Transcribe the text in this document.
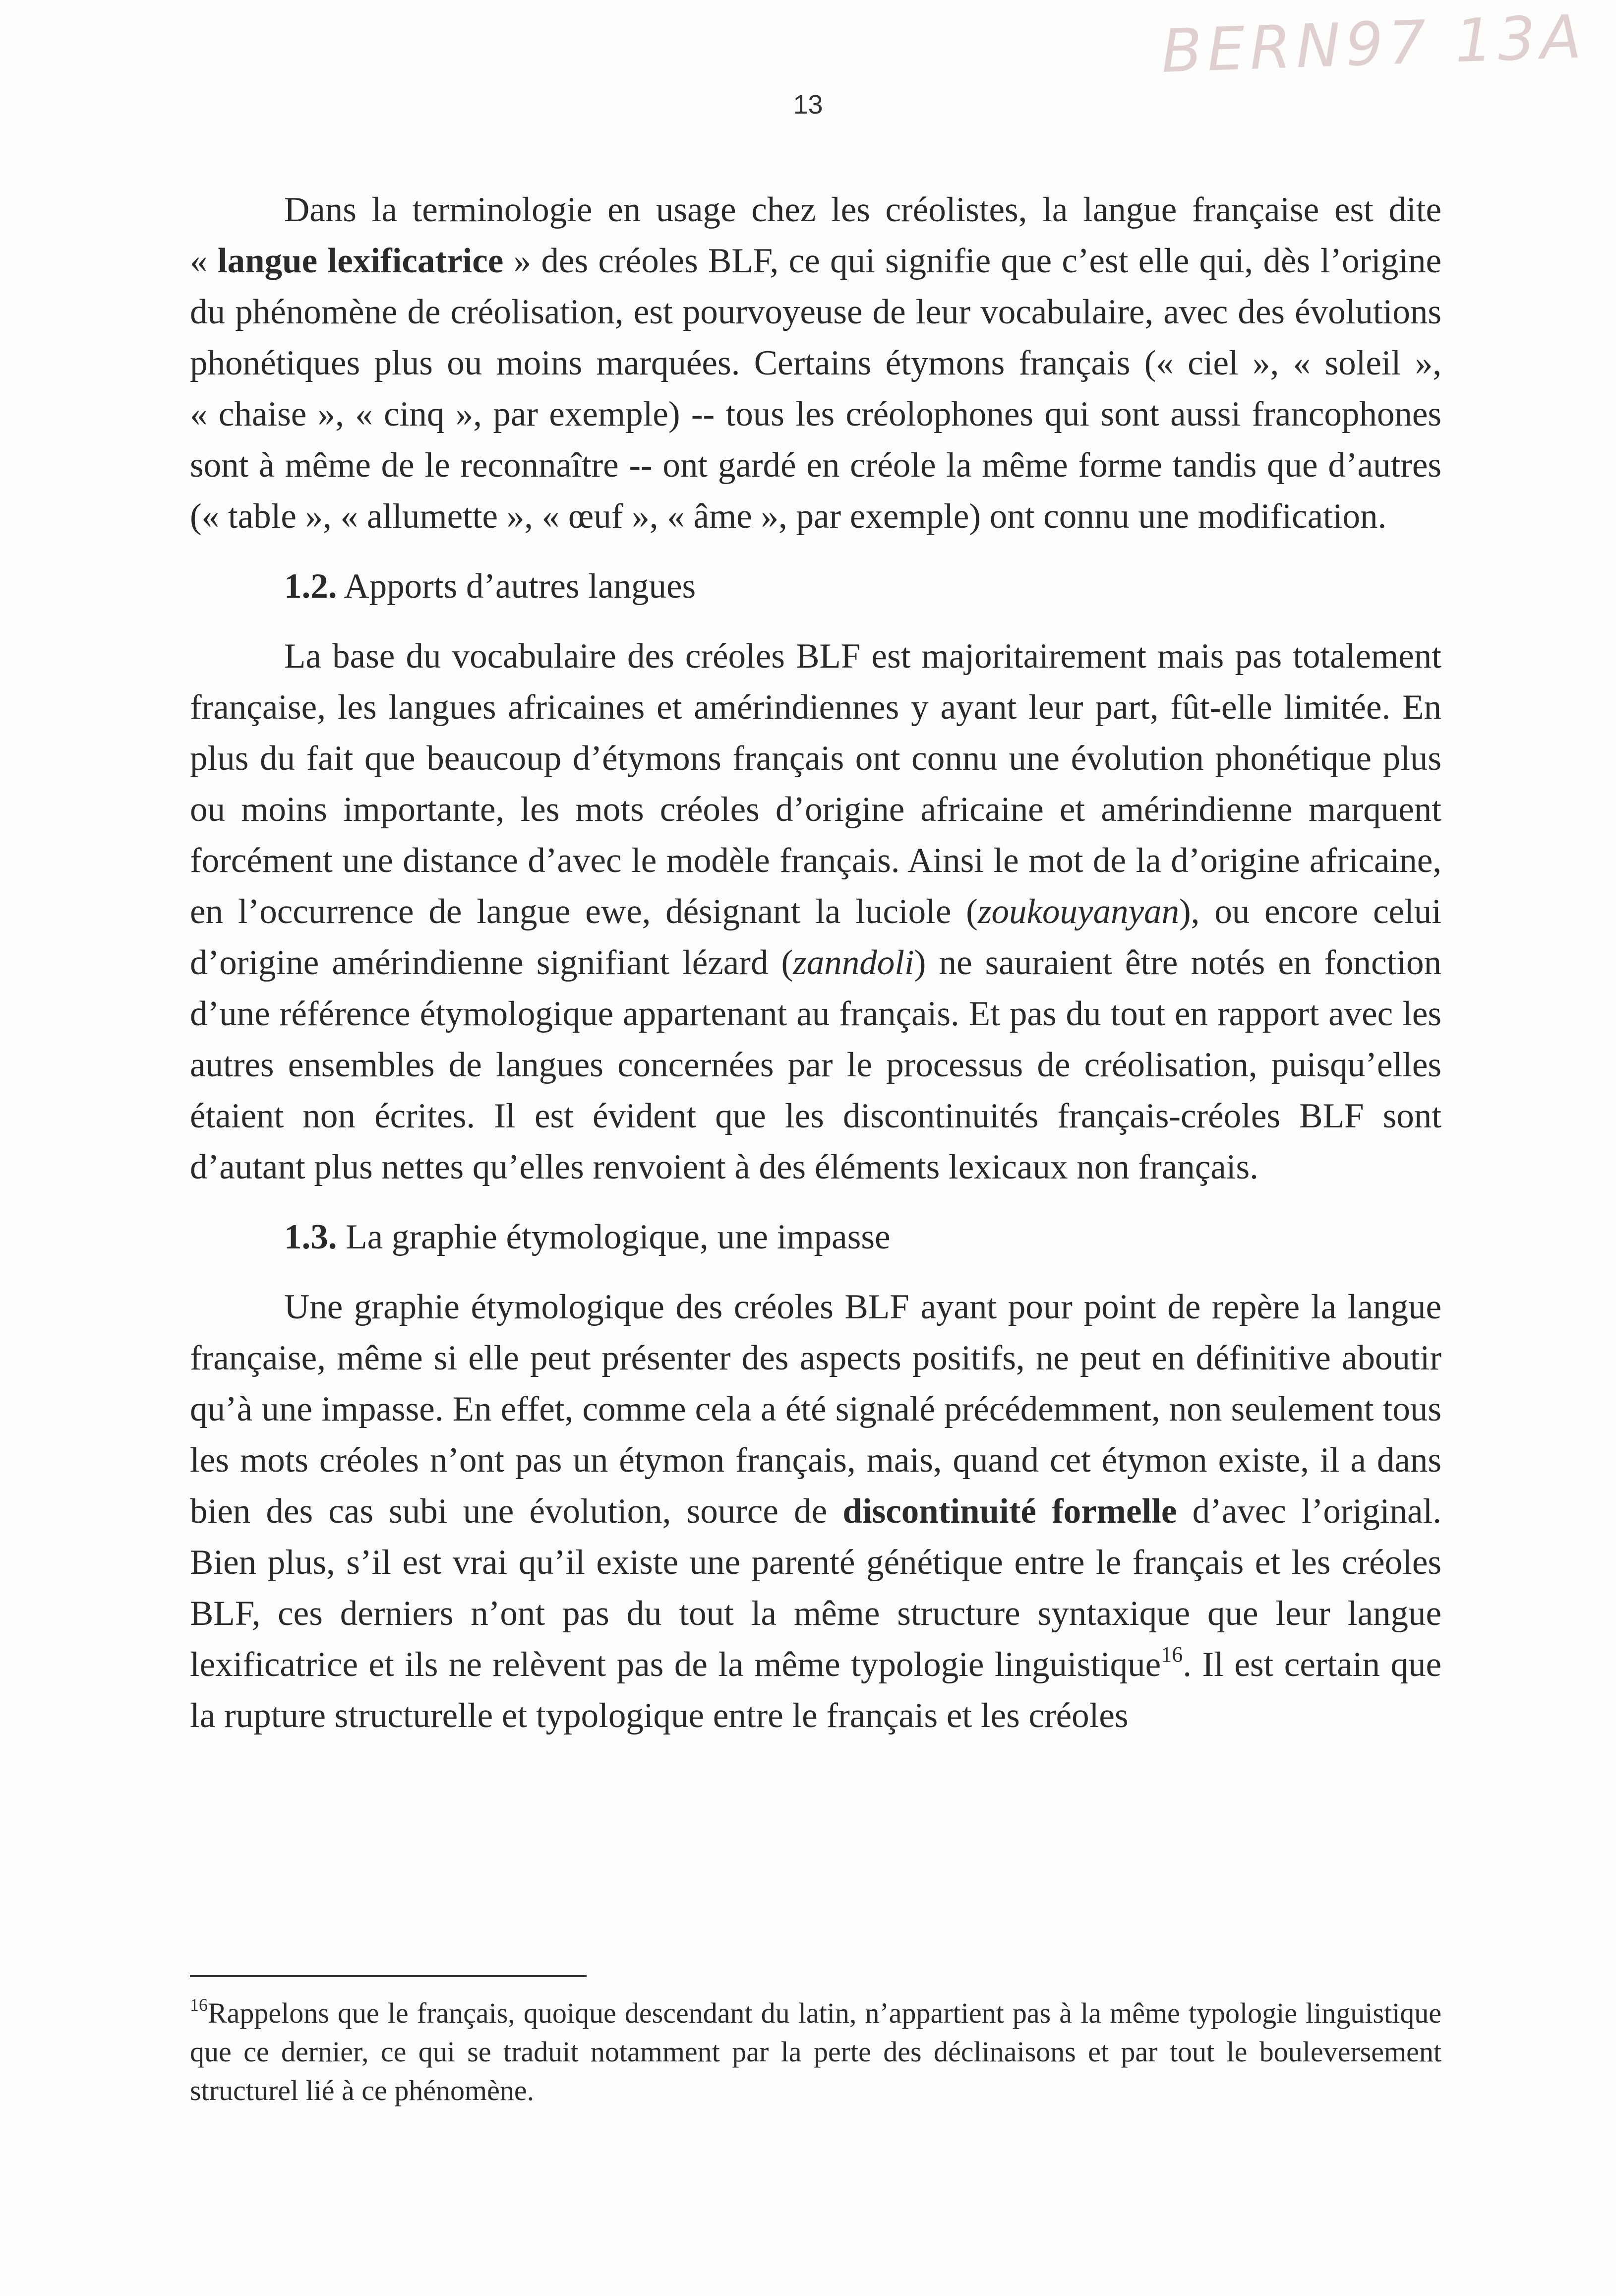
BERN97 13A
13

Dans la terminologie en usage chez les créolistes, la langue française est dite « langue lexificatrice » des créoles BLF, ce qui signifie que c’est elle qui, dès l’origine du phénomène de créolisation, est pourvoyeuse de leur vocabulaire, avec des évolutions phonétiques plus ou moins marquées. Certains étymons français (« ciel », « soleil », « chaise », « cinq », par exemple) -- tous les créolophones qui sont aussi francophones sont à même de le reconnaître -- ont gardé en créole la même forme tandis que d’autres (« table », « allumette », « œuf », « âme », par exemple) ont connu une modification.

1.2. Apports d’autres langues

La base du vocabulaire des créoles BLF est majoritairement mais pas totalement française, les langues africaines et amérindiennes y ayant leur part, fût-elle limitée. En plus du fait que beaucoup d’étymons français ont connu une évolution phonétique plus ou moins importante, les mots créoles d’origine africaine et amérindienne marquent forcément une distance d’avec le modèle français. Ainsi le mot de la d’origine africaine, en l’occurrence de langue ewe, désignant la luciole (zoukouyanyan), ou encore celui d’origine amérindienne signifiant lézard (zanndoli) ne sauraient être notés en fonction d’une référence étymologique appartenant au français. Et pas du tout en rapport avec les autres ensembles de langues concernées par le processus de créolisation, puisqu’elles étaient non écrites. Il est évident que les discontinuités français-créoles BLF sont d’autant plus nettes qu’elles renvoient à des éléments lexicaux non français.

1.3. La graphie étymologique, une impasse

Une graphie étymologique des créoles BLF ayant pour point de repère la langue française, même si elle peut présenter des aspects positifs, ne peut en définitive aboutir qu’à une impasse. En effet, comme cela a été signalé précédemment, non seulement tous les mots créoles n’ont pas un étymon français, mais, quand cet étymon existe, il a dans bien des cas subi une évolution, source de discontinuité formelle d’avec l’original. Bien plus, s’il est vrai qu’il existe une parenté génétique entre le français et les créoles BLF, ces derniers n’ont pas du tout la même structure syntaxique que leur langue lexificatrice et ils ne relèvent pas de la même typologie linguistique$^{16}$. Il est certain que la rupture structurelle et typologique entre le français et les créoles

$^{16}$Rappelons que le français, quoique descendant du latin, n’appartient pas à la même typologie linguistique que ce dernier, ce qui se traduit notamment par la perte des déclinaisons et par tout le bouleversement structurel lié à ce phénomène.
